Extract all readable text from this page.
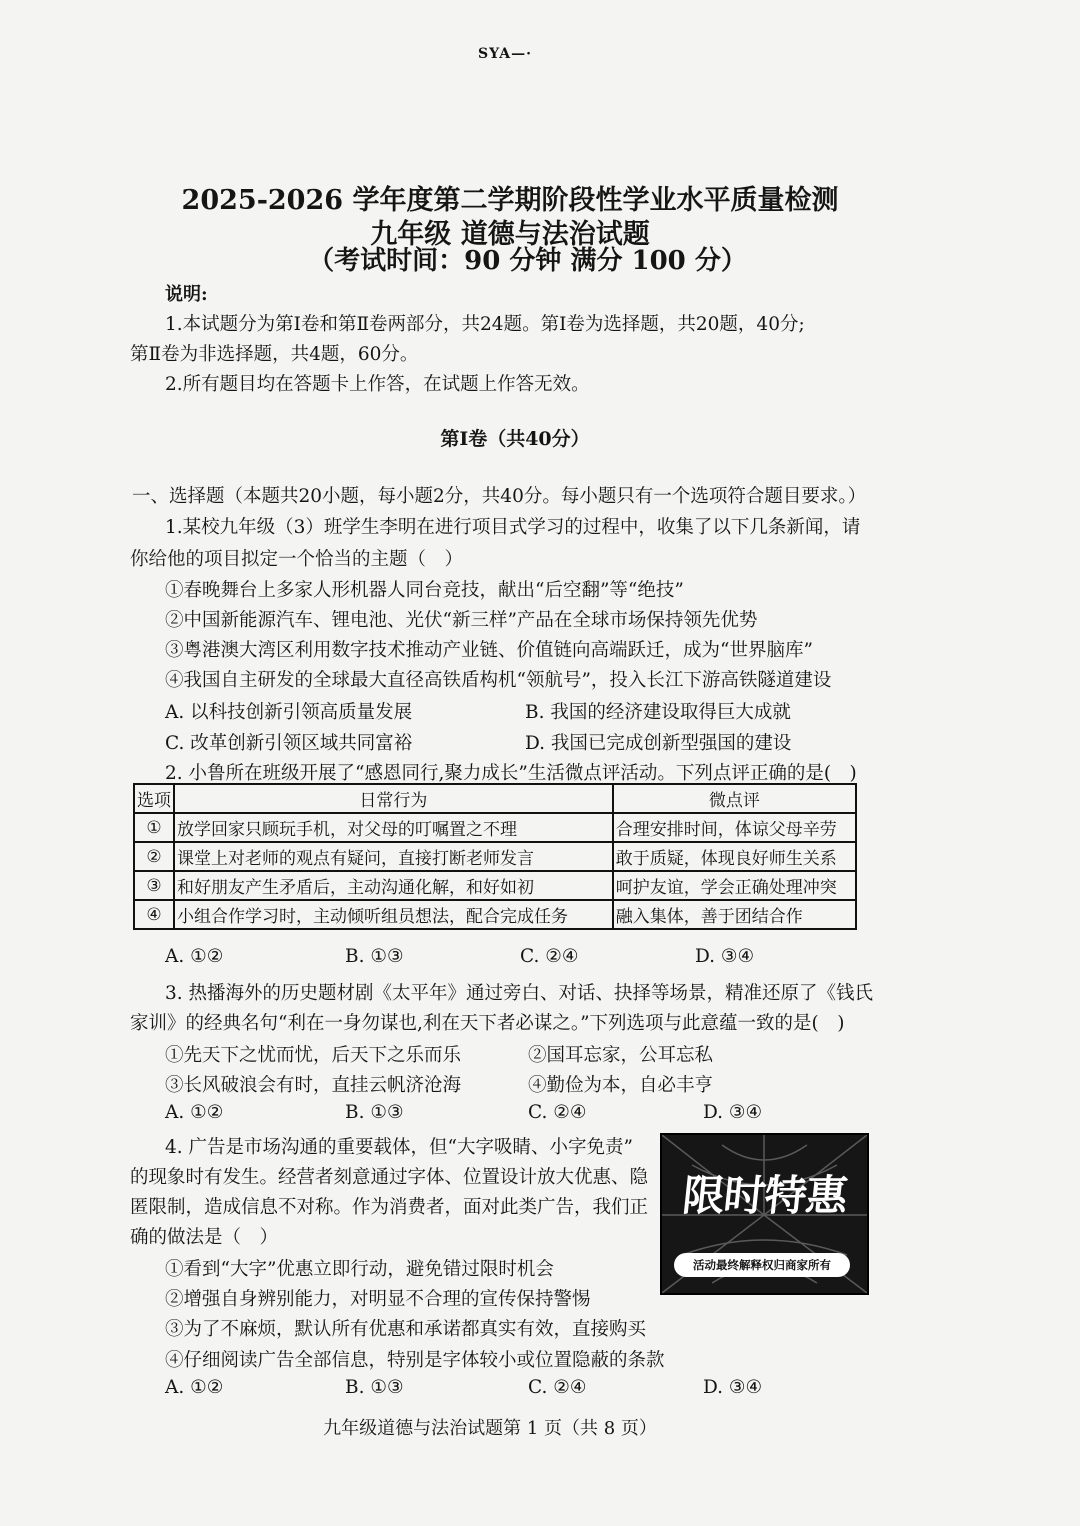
SYA—·
2025-2026 学年度第二学期阶段性学业水平质量检测
九年级 道德与法治试题
（考试时间：90 分钟 满分 100 分）
说明:
1.本试题分为第Ⅰ卷和第Ⅱ卷两部分，共24题。第Ⅰ卷为选择题，共20题，40分;
第Ⅱ卷为非选择题，共4题，60分。
2.所有题目均在答题卡上作答，在试题上作答无效。
第Ⅰ卷（共40分）
一、选择题（本题共20小题，每小题2分，共40分。每小题只有一个选项符合题目要求。）
1.某校九年级（3）班学生李明在进行项目式学习的过程中，收集了以下几条新闻，请
你给他的项目拟定一个恰当的主题（　）
①春晚舞台上多家人形机器人同台竞技，献出“后空翻”等“绝技”
②中国新能源汽车、锂电池、光伏“新三样”产品在全球市场保持领先优势
③粤港澳大湾区利用数字技术推动产业链、价值链向高端跃迁，成为“世界脑库”
④我国自主研发的全球最大直径高铁盾构机“领航号”，投入长江下游高铁隧道建设
A. 以科技创新引领高质量发展	B. 我国的经济建设取得巨大成就
C. 改革创新引领区域共同富裕	D. 我国已完成创新型强国的建设
2. 小鲁所在班级开展了“感恩同行,聚力成长”生活微点评活动。下列点评正确的是(　)
选项	日常行为	微点评
①	放学回家只顾玩手机，对父母的叮嘱置之不理	合理安排时间，体谅父母辛劳
②	课堂上对老师的观点有疑问，直接打断老师发言	敢于质疑，体现良好师生关系
③	和好朋友产生矛盾后，主动沟通化解，和好如初	呵护友谊，学会正确处理冲突
④	小组合作学习时，主动倾听组员想法，配合完成任务	融入集体，善于团结合作
A. ①②	B. ①③	C. ②④	D. ③④
3. 热播海外的历史题材剧《太平年》通过旁白、对话、抉择等场景，精准还原了《钱氏
家训》的经典名句“利在一身勿谋也,利在天下者必谋之。”下列选项与此意蕴一致的是(　)
①先天下之忧而忧，后天下之乐而乐	②国耳忘家，公耳忘私
③长风破浪会有时，直挂云帆济沧海	④勤俭为本，自必丰亨
A. ①②	B. ①③	C. ②④	D. ③④
4. 广告是市场沟通的重要载体，但“大字吸睛、小字免责”
的现象时有发生。经营者刻意通过字体、位置设计放大优惠、隐
匿限制，造成信息不对称。作为消费者，面对此类广告，我们正
确的做法是（　）
①看到“大字”优惠立即行动，避免错过限时机会
②增强自身辨别能力，对明显不合理的宣传保持警惕
③为了不麻烦，默认所有优惠和承诺都真实有效，直接购买
④仔细阅读广告全部信息，特别是字体较小或位置隐蔽的条款
A. ①②	B. ①③	C. ②④	D. ③④
限时特惠
活动最终解释权归商家所有
九年级道德与法治试题第 1 页（共 8 页）
